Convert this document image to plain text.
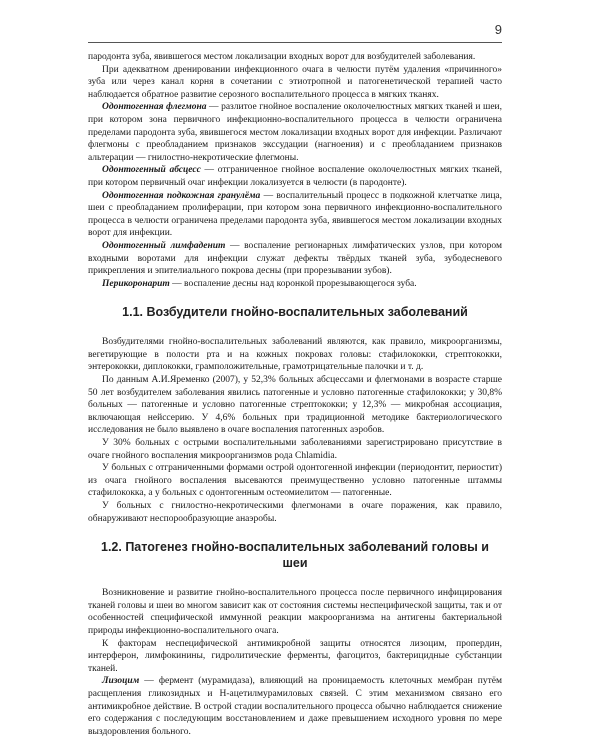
9

пародонта зуба, явившегося местом локализации входных ворот для возбудителей заболевания.

При адекватном дренировании инфекционного очага в челюсти путём удаления «причинного» зуба или через канал корня в сочетании с этиотропной и патогенетической терапией часто наблюдается обратное развитие серозного воспалительного процесса в мягких тканях.

Одонтогенная флегмона — разлитое гнойное воспаление околочелюстных мягких тканей и шеи, при котором зона первичного инфекционно-воспалительного процесса в челюсти ограничена пределами пародонта зуба, явившегося местом локализации входных ворот для инфекции. Различают флегмоны с преобладанием признаков экссудации (нагноения) и с преобладанием признаков альтерации — гнилостно-некротические флегмоны.

Одонтогенный абсцесс — отграниченное гнойное воспаление околочелюстных мягких тканей, при котором первичный очаг инфекции локализуется в челюсти (в пародонте).

Одонтогенная подкожная гранулёма — воспалительный процесс в подкожной клетчатке лица, шеи с преобладанием пролиферации, при котором зона первичного инфекционно-воспалительного процесса в челюсти ограничена пределами пародонта зуба, явившегося местом локализации входных ворот для инфекции.

Одонтогенный лимфаденит — воспаление регионарных лимфатических узлов, при котором входными воротами для инфекции служат дефекты твёрдых тканей зуба, зубодесневого прикрепления и эпителиального покрова десны (при прорезывании зубов).

Перикоронарит — воспаление десны над коронкой прорезывающегося зуба.

1.1. Возбудители гнойно-воспалительных заболеваний

Возбудителями гнойно-воспалительных заболеваний являются, как правило, микроорганизмы, вегетирующие в полости рта и на кожных покровах головы: стафилококки, стрептококки, энтерококки, диплококки, грамположительные, грамотрицательные палочки и т. д.

По данным А.И.Яременко (2007), у 52,3% больных абсцессами и флегмонами в возрасте старше 50 лет возбудителем заболевания явились патогенные и условно патогенные стафилококки; у 30,8% больных — патогенные и условно патогенные стрептококки; у 12,3% — микробная ассоциация, включающая нейссерию. У 4,6% больных при традиционной методике бактериологического исследования не было выявлено в очаге воспаления патогенных аэробов.

У 30% больных с острыми воспалительными заболеваниями зарегистрировано присутствие в очаге гнойного воспаления микроорганизмов рода Chlamidia.

У больных с отграниченными формами острой одонтогенной инфекции (периодонтит, периостит) из очага гнойного воспаления высеваются преимущественно условно патогенные штаммы стафилококка, а у больных с одонтогенным остеомиелитом — патогенные.

У больных с гнилостно-некротическими флегмонами в очаге поражения, как правило, обнаруживают неспорообразующие анаэробы.

1.2. Патогенез гнойно-воспалительных заболеваний головы и шеи

Возникновение и развитие гнойно-воспалительного процесса после первичного инфицирования тканей головы и шеи во многом зависит как от состояния системы неспецифической защиты, так и от особенностей специфической иммунной реакции макроорганизма на антигены бактериальной природы инфекционно-воспалительного очага.

К факторам неспецифической антимикробной защиты относятся лизоцим, пропердин, интерферон, лимфокинины, гидролитические ферменты, фагоцитоз, бактерицидные субстанции тканей.

Лизоцим — фермент (мурамидаза), влияющий на проницаемость клеточных мембран путём расщепления гликозидных и Н-ацетилмурамиловых связей. С этим механизмом связано его антимикробное действие. В острой стадии воспалительного процесса обычно наблюдается снижение его содержания с последующим восстановлением и даже превышением исходного уровня по мере выздоровления больного.
